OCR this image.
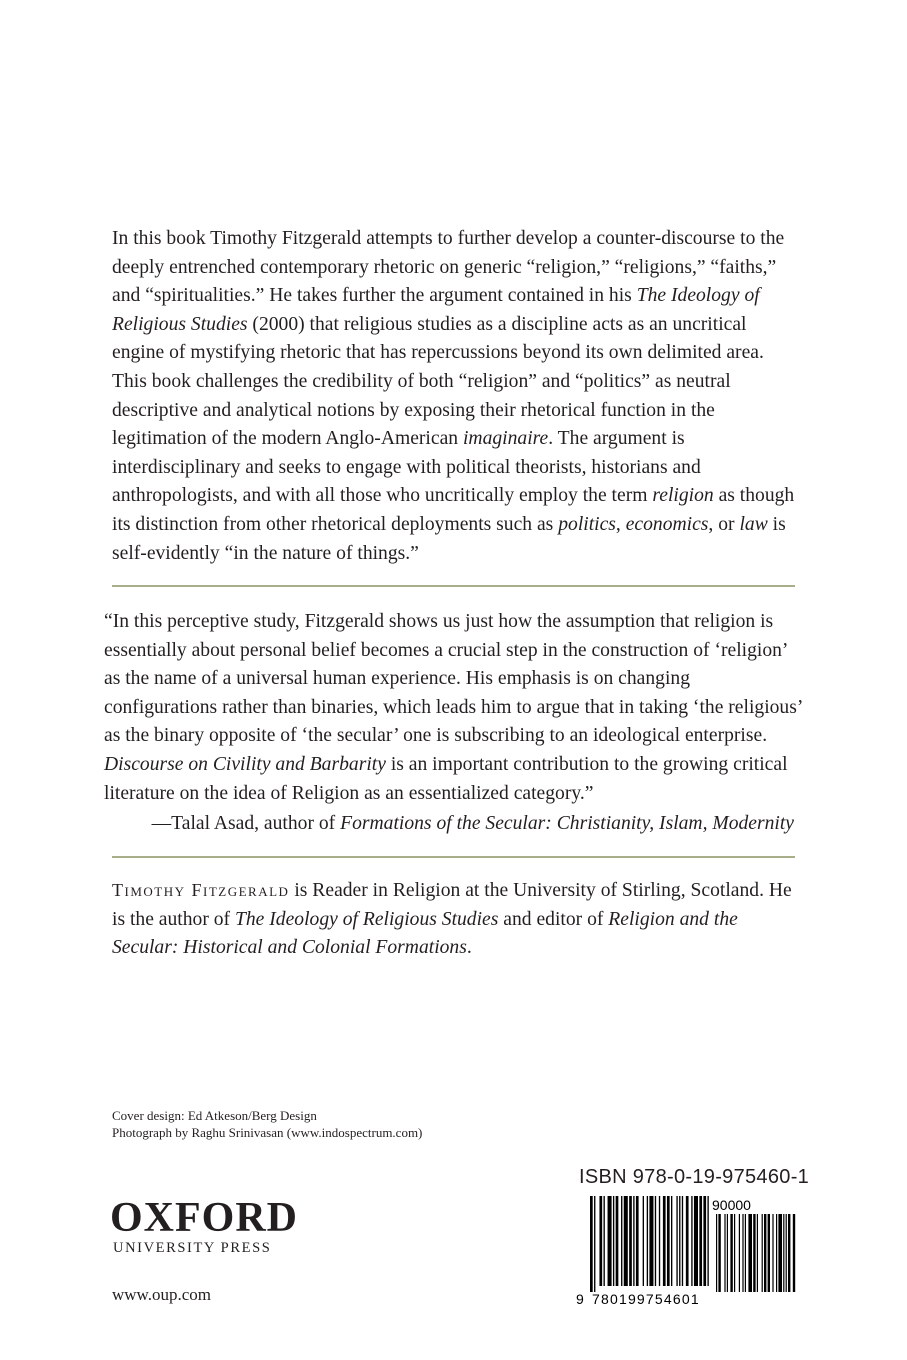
In this book Timothy Fitzgerald attempts to further develop a counter-discourse to the deeply entrenched contemporary rhetoric on generic “religion,” “religions,” “faiths,” and “spiritualities.” He takes further the argument contained in his The Ideology of Religious Studies (2000) that religious studies as a discipline acts as an uncritical engine of mystifying rhetoric that has repercussions beyond its own delimited area. This book challenges the credibility of both “religion” and “politics” as neutral descriptive and analytical notions by exposing their rhetorical function in the legitimation of the modern Anglo-American imaginaire. The argument is interdisciplinary and seeks to engage with political theorists, historians and anthropologists, and with all those who uncritically employ the term religion as though its distinction from other rhetorical deployments such as politics, economics, or law is self-evidently “in the nature of things.”

“In this perceptive study, Fitzgerald shows us just how the assumption that religion is essentially about personal belief becomes a crucial step in the construction of ‘religion’ as the name of a universal human experience. His emphasis is on changing configurations rather than binaries, which leads him to argue that in taking ‘the religious’ as the binary opposite of ‘the secular’ one is subscribing to an ideological enterprise. Discourse on Civility and Barbarity is an important contribution to the growing critical literature on the idea of Religion as an essentialized category.”

—Talal Asad, author of Formations of the Secular: Christianity, Islam, Modernity

Timothy Fitzgerald is Reader in Religion at the University of Stirling, Scotland. He is the author of The Ideology of Religious Studies and editor of Religion and the Secular: Historical and Colonial Formations.

Cover design: Ed Atkeson/Berg Design
Photograph by Raghu Srinivasan (www.indospectrum.com)
OXFORD
UNIVERSITY PRESS
www.oup.com
ISBN 978-0-19-975460-1
9
90000
780199754601
